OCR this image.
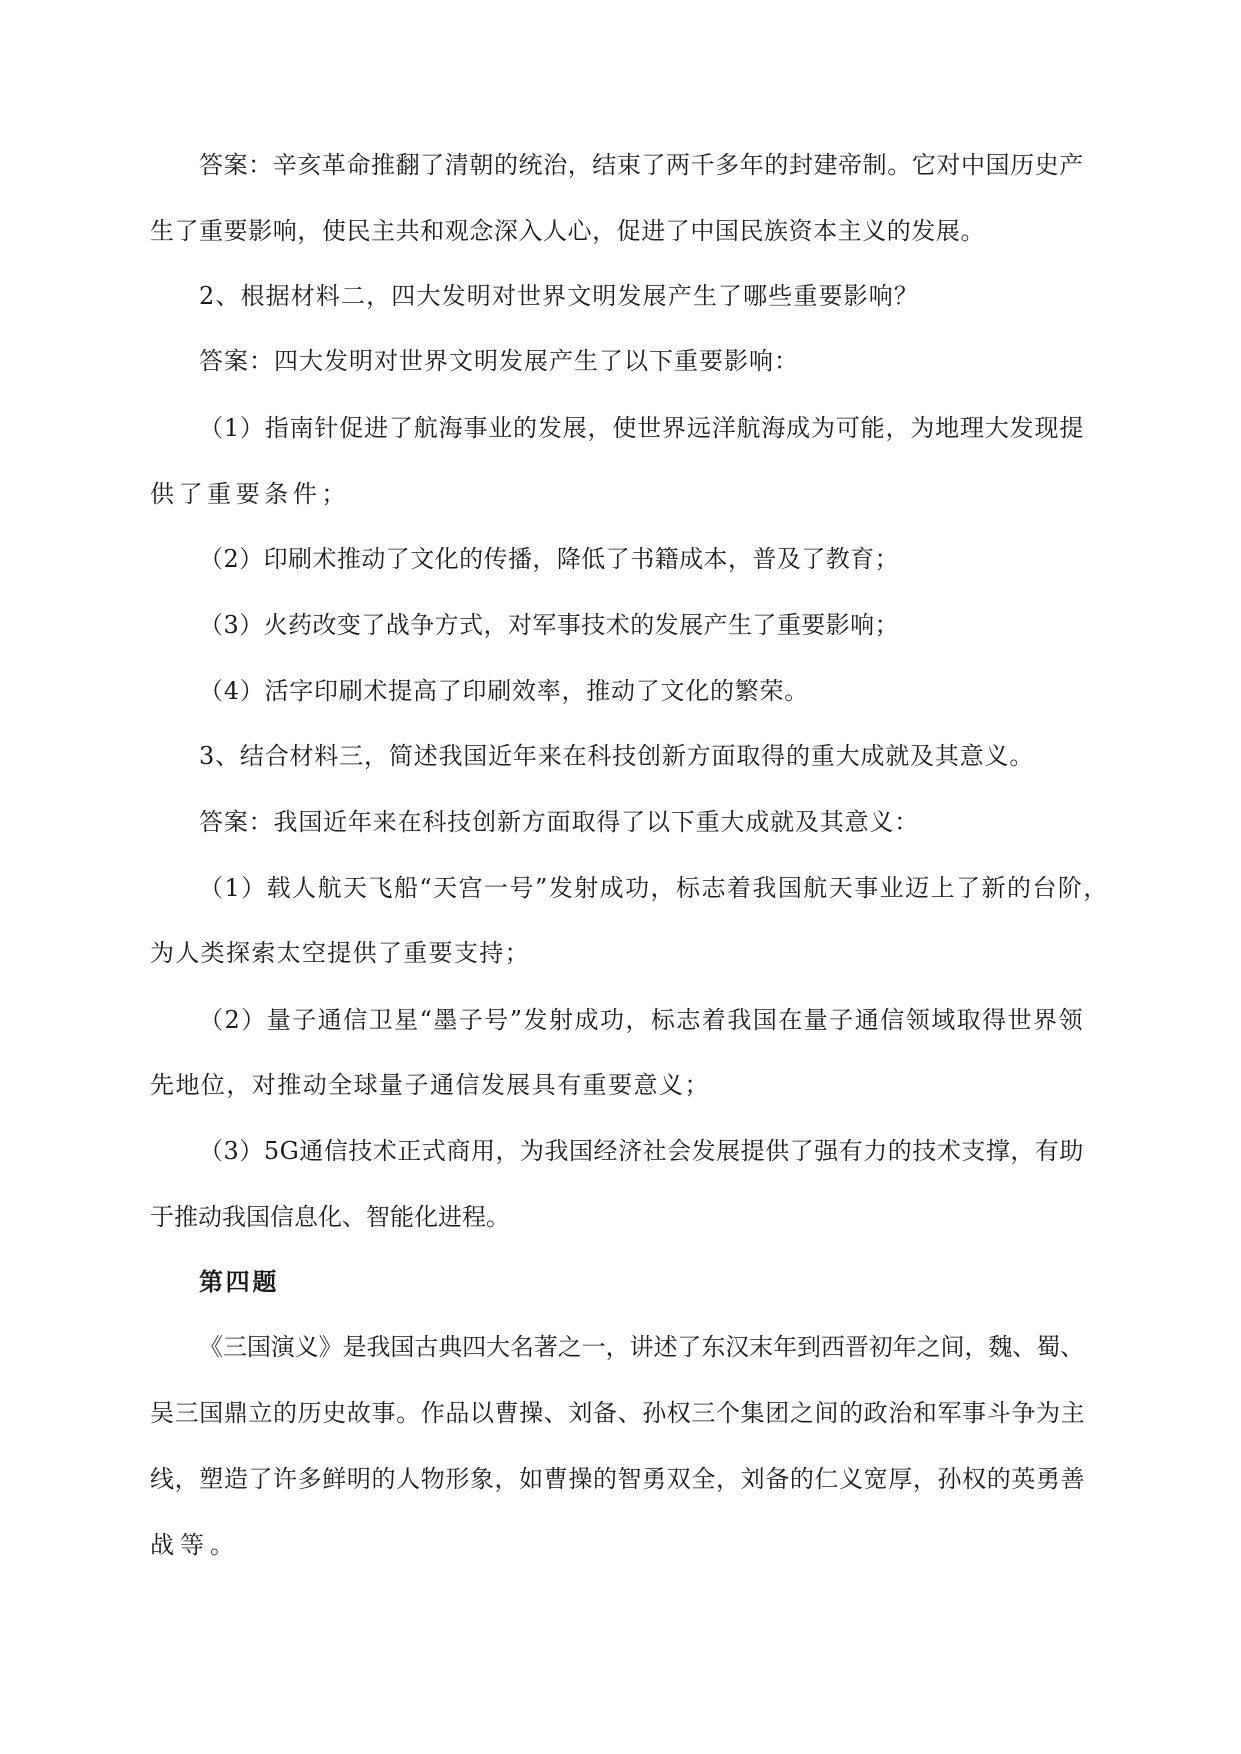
答案：辛亥革命推翻了清朝的统治，结束了两千多年的封建帝制。它对中国历史产
生了重要影响，使民主共和观念深入人心，促进了中国民族资本主义的发展。
2、根据材料二，四大发明对世界文明发展产生了哪些重要影响？
答案：四大发明对世界文明发展产生了以下重要影响：
（1）指南针促进了航海事业的发展，使世界远洋航海成为可能，为地理大发现提
供了重要条件；
（2）印刷术推动了文化的传播，降低了书籍成本，普及了教育；
（3）火药改变了战争方式，对军事技术的发展产生了重要影响；
（4）活字印刷术提高了印刷效率，推动了文化的繁荣。
3、结合材料三，简述我国近年来在科技创新方面取得的重大成就及其意义。
答案：我国近年来在科技创新方面取得了以下重大成就及其意义：
（1）载人航天飞船“天宫一号”发射成功，标志着我国航天事业迈上了新的台阶，
为人类探索太空提供了重要支持；
（2）量子通信卫星“墨子号”发射成功，标志着我国在量子通信领域取得世界领
先地位，对推动全球量子通信发展具有重要意义；
（3）5G通信技术正式商用，为我国经济社会发展提供了强有力的技术支撑，有助
于推动我国信息化、智能化进程。
第四题
《三国演义》是我国古典四大名著之一，讲述了东汉末年到西晋初年之间，魏、蜀、
吴三国鼎立的历史故事。作品以曹操、刘备、孙权三个集团之间的政治和军事斗争为主
线，塑造了许多鲜明的人物形象，如曹操的智勇双全，刘备的仁义宽厚，孙权的英勇善
战等。
